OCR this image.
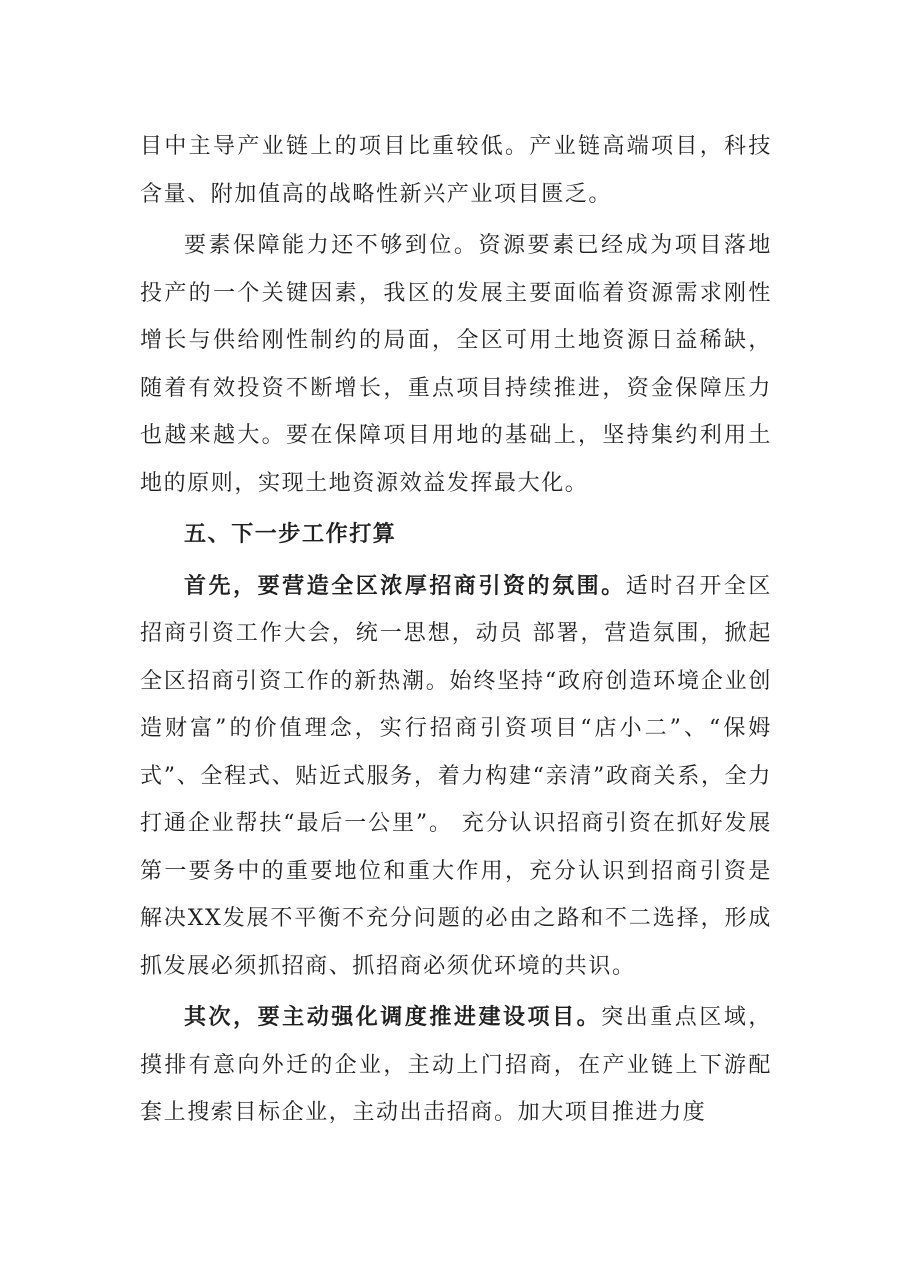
目中主导产业链上的项目比重较低。产业链高端项目，科技含量、附加值高的战略性新兴产业项目匮乏。

要素保障能力还不够到位。资源要素已经成为项目落地投产的一个关键因素，我区的发展主要面临着资源需求刚性增长与供给刚性制约的局面，全区可用土地资源日益稀缺，随着有效投资不断增长，重点项目持续推进，资金保障压力也越来越大。要在保障项目用地的基础上，坚持集约利用土地的原则，实现土地资源效益发挥最大化。

五、下一步工作打算

首先，要营造全区浓厚招商引资的氛围。适时召开全区招商引资工作大会，统一思想，动员 部署，营造氛围，掀起全区招商引资工作的新热潮。始终坚持“政府创造环境企业创造财富”的价值理念，实行招商引资项目“店小二”、“保姆式”、全程式、贴近式服务，着力构建“亲清”政商关系，全力打通企业帮扶“最后一公里”。 充分认识招商引资在抓好发展第一要务中的重要地位和重大作用，充分认识到招商引资是解决XX发展不平衡不充分问题的必由之路和不二选择，形成抓发展必须抓招商、抓招商必须优环境的共识。

其次，要主动强化调度推进建设项目。突出重点区域，摸排有意向外迁的企业，主动上门招商，在产业链上下游配套上搜索目标企业，主动出击招商。加大项目推进力度
